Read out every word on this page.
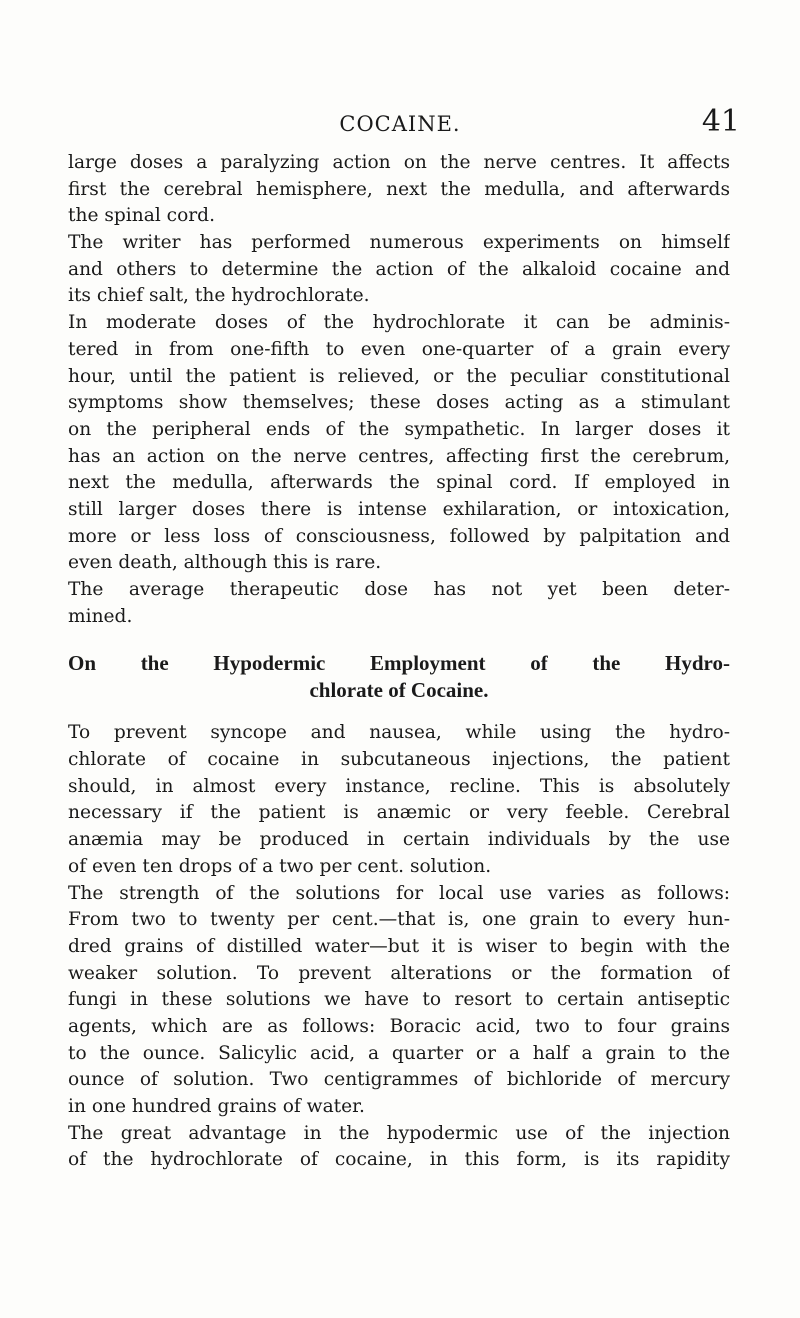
COCAINE.	41
large doses a paralyzing action on the nerve centres. It affects
first the cerebral hemisphere, next the medulla, and afterwards
the spinal cord.
The writer has performed numerous experiments on himself
and others to determine the action of the alkaloid cocaine and
its chief salt, the hydrochlorate.
In moderate doses of the hydrochlorate it can be adminis-
tered in from one-fifth to even one-quarter of a grain every
hour, until the patient is relieved, or the peculiar constitutional
symptoms show themselves; these doses acting as a stimulant
on the peripheral ends of the sympathetic. In larger doses it
has an action on the nerve centres, affecting first the cerebrum,
next the medulla, afterwards the spinal cord. If employed in
still larger doses there is intense exhilaration, or intoxication,
more or less loss of consciousness, followed by palpitation and
even death, although this is rare.
The average therapeutic dose has not yet been deter-
mined.
On the Hypodermic Employment of the Hydro-
chlorate of Cocaine.
To prevent syncope and nausea, while using the hydro-
chlorate of cocaine in subcutaneous injections, the patient
should, in almost every instance, recline. This is absolutely
necessary if the patient is anæmic or very feeble. Cerebral
anæmia may be produced in certain individuals by the use
of even ten drops of a two per cent. solution.
The strength of the solutions for local use varies as follows:
From two to twenty per cent.—that is, one grain to every hun-
dred grains of distilled water—but it is wiser to begin with the
weaker solution. To prevent alterations or the formation of
fungi in these solutions we have to resort to certain antiseptic
agents, which are as follows: Boracic acid, two to four grains
to the ounce. Salicylic acid, a quarter or a half a grain to the
ounce of solution. Two centigrammes of bichloride of mercury
in one hundred grains of water.
The great advantage in the hypodermic use of the injection
of the hydrochlorate of cocaine, in this form, is its rapidity
